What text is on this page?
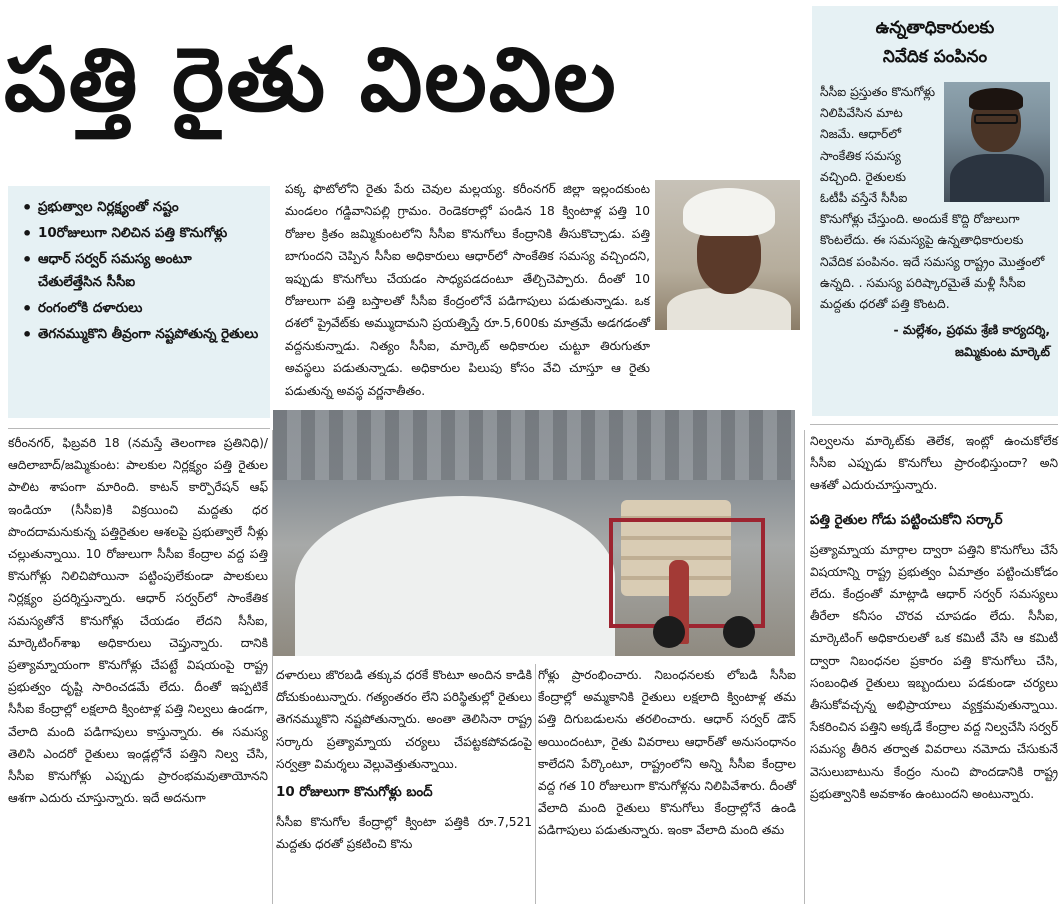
పత్తి రైతు విలవిల	ఉన్నతాధికారులకు
నివేదిక పంపినం

సీసీఐ ప్రస్తుతం కొనుగోళ్లు నిలిపివేసిన మాట నిజమే. ఆధార్‌లో సాంకేతిక సమస్య వచ్చింది. రైతులకు ఓటీపీ వస్తేనే సీసీఐ కొనుగోళ్లు చేస్తుంది. అందుకే కొద్ది రోజులుగా కొంటలేదు. ఈ సమస్యపై ఉన్నతాధికారులకు నివేదిక పంపినం. ఇదే సమస్య రాష్ట్రం మొత్తంలో ఉన్నది. . సమస్య పరిష్కారమైతే మళ్లీ సీసీఐ మద్దతు ధరతో పత్తి కొంటది.

- మల్లేశం, ప్రథమ శ్రేణి కార్యదర్శి,
జమ్మికుంట మార్కెట్
• ప్రభుత్వాల నిర్లక్ష్యంతో నష్టం
• 10రోజులుగా నిలిచిన పత్తి కొనుగోళ్లు
• ఆధార్ సర్వర్ సమస్య అంటూ చేతులేత్తేసిన సీసీఐ
• రంగంలోకి దళారులు
• తెగనమ్ముకొని తీవ్రంగా నష్టపోతున్న రైతులు
పక్క ఫొటోలోని రైతు పేరు చెవుల మల్లయ్య. కరీంనగర్ జిల్లా ఇల్లందకుంట మండలం గడ్డివానిపల్లి గ్రామం. రెండెకరాల్లో పండిన 18 క్వింటాళ్ల పత్తి 10 రోజుల క్రితం జమ్మికుంటలోని సీసీఐ కొనుగోలు కేంద్రానికి తీసుకొచ్చాడు. పత్తి బాగుందని చెప్పిన సీసీఐ అధికారులు ఆధార్‌లో సాంకేతిక సమస్య వచ్చిందని, ఇప్పుడు కొనుగోలు చేయడం సాధ్యపడదంటూ తేల్చిచెప్పారు. దీంతో 10 రోజులుగా పత్తి బస్తాలతో సీసీఐ కేంద్రంలోనే పడిగాపులు పడుతున్నాడు. ఒక దశలో ప్రైవేట్‌కు అమ్ముదామని ప్రయత్నిస్తే రూ.5,600కు మాత్రమే అడగడంతో వద్దనుకున్నాడు. నిత్యం సీసీఐ, మార్కెట్ అధికారుల చుట్టూ తిరుగుతూ అవస్థలు పడుతున్నాడు. అధికారుల పిలుపు కోసం వేచి చూస్తూ ఆ రైతు పడుతున్న అవస్థ వర్ణనాతీతం.

కరీంనగర్, ఫిబ్రవరి 18 (నమస్తే తెలంగాణ ప్రతినిధి)/ఆదిలాబాద్/జమ్మికుంట: పాలకుల నిర్లక్ష్యం పత్తి రైతుల పాలిట శాపంగా మారింది. కాటన్ కార్పొరేషన్ ఆఫ్ ఇండియా (సీసీఐ)కి విక్రయించి మద్దతు ధర పొందదామనుకున్న పత్తిరైతుల ఆశలపై ప్రభుత్వాలే నీళ్లు చల్లుతున్నాయి. 10 రోజులుగా సీసీఐ కేంద్రాల వద్ద పత్తి కొనుగోళ్లు నిలిచిపోయినా పట్టింపులేకుండా పాలకులు నిర్లక్ష్యం ప్రదర్శిస్తున్నారు. ఆధార్ సర్వర్‌లో సాంకేతిక సమస్యతోనే కొనుగోళ్లు చేయడం లేదని సీసీఐ, మార్కెటింగ్‌శాఖ అధికారులు చెప్తున్నారు. దానికి ప్రత్యామ్నాయంగా కొనుగోళ్లు చేపట్టే విషయంపై రాష్ట్ర ప్రభుత్వం దృష్టి సారించడమే లేదు. దీంతో ఇప్పటికే సీసీఐ కేంద్రాల్లో లక్షలాది క్వింటాళ్ల పత్తి నిల్వలు ఉండగా, వేలాది మంది పడిగాపులు కాస్తున్నారు. ఈ సమస్య తెలిసి ఎందరో రైతులు ఇండ్లల్లోనే పత్తిని నిల్వ చేసి, సీసీఐ కొనుగోళ్లు ఎప్పుడు ప్రారంభమవుతాయోనని ఆశగా ఎదురు చూస్తున్నారు. ఇదే అదనుగా

దళారులు జొరబడి తక్కువ ధరకే కొంటూ అందిన కాడికి దోచుకుంటున్నారు. గత్యంతరం లేని పరిస్థితుల్లో రైతులు తెగనమ్ముకొని నష్టపోతున్నారు. అంతా తెలిసినా రాష్ట్ర సర్కారు ప్రత్యామ్నాయ చర్యలు చేపట్టకపోవడంపై సర్వత్రా విమర్శలు వెల్లువెత్తుతున్నాయి.

10 రోజులుగా కొనుగోళ్లు బంద్

సీసీఐ కొనుగోల కేంద్రాల్లో క్వింటా పత్తికి రూ.7,521 మద్దతు ధరతో ప్రకటించి కొను

గోళ్లు ప్రారంభించారు. నిబంధనలకు లోబడి సీసీఐ కేంద్రాల్లో అమ్మకానికి రైతులు లక్షలాది క్వింటాళ్ల తమ పత్తి దిగుబడులను తరలించారు. ఆధార్ సర్వర్ డౌన్ అయిందంటూ, రైతు వివరాలు ఆధార్‌తో అనుసంధానం కాలేదని పేర్కొంటూ, రాష్ట్రంలోని అన్ని సీసీఐ కేంద్రాల వద్ద గత 10 రోజులుగా కొనుగోళ్లను నిలిపివేశారు. దీంతో వేలాది మంది రైతులు కొనుగోలు కేంద్రాల్లోనే ఉండి పడిగాపులు పడుతున్నారు. ఇంకా వేలాది మంది తమ

నిల్వలను మార్కెట్‌కు తెలేక, ఇంట్లో ఉంచుకోలేక సీసీఐ ఎప్పుడు కొనుగోలు ప్రారంభిస్తుందా? అని ఆశతో ఎదురుచూస్తున్నారు.

పత్తి రైతుల గోడు పట్టించుకోని సర్కార్

ప్రత్యామ్నాయ మార్గాల ద్వారా పత్తిని కొనుగోలు చేసే విషయాన్ని రాష్ట్ర ప్రభుత్వం ఏమాత్రం పట్టించుకోడం లేదు. కేంద్రంతో మాట్లాడి ఆధార్ సర్వర్ సమస్యలు తీరేలా కనీసం చొరవ చూపడం లేదు. సీసీఐ, మార్కెటింగ్ అధికారులతో ఒక కమిటీ వేసి ఆ కమిటీ ద్వారా నిబంధనల ప్రకారం పత్తి కొనుగోలు చేసి, సంబంధిత రైతులు ఇబ్బందులు పడకుండా చర్యలు తీసుకోవచ్చన్న అభిప్రాయాలు వ్యక్తమవుతున్నాయి. సేకరించిన పత్తిని అక్కడే కేంద్రాల వద్ద నిల్వచేసి సర్వర్ సమస్య తీరిన తర్వాత వివరాలు నమోదు చేసుకునే వెసులుబాటును కేంద్రం నుంచి పొందడానికి రాష్ట్ర ప్రభుత్వానికి అవకాశం ఉంటుందని అంటున్నారు.
